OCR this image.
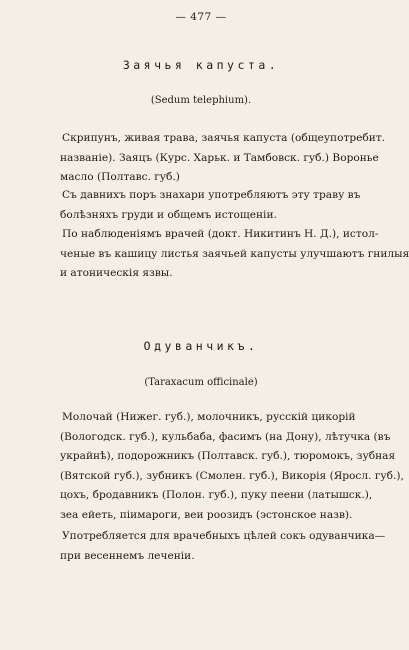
— 477 —
Заячья капуста.
(Sedum telephium).
Скрипунъ, живая трава, заячья капуста (общеупотребит.
названіе). Заяцъ (Курс. Харьк. и Тамбовск. губ.) Воронье
масло (Полтавс. губ.)
Съ давнихъ поръ знахари употребляютъ эту траву въ
болѣзняхъ груди и общемъ истощеніи.
По наблюденіямъ врачей (докт. Никитинъ Н. Д.), истол-
ченые въ кашицу листья заячьей капусты улучшаютъ гнилыя
и атоническія язвы.
Одуванчикъ.
(Taraxacum officinale)
Молочай (Нижег. губ.), молочникъ, русскій цикорій
(Вологодск. губ.), кульбаба, фасимъ (на Дону), лѣтучка (въ
украйнѣ), подорожникъ (Полтавск. губ.), тюромокъ, зубная
(Вятской губ.), зубникъ (Смолен. губ.), Викорія (Яросл. губ.),
цохъ, бродавникъ (Полон. губ.), пуку пеени (латышск.),
зеа ейеть, піимароги, веи роозидъ (эстонское назв).
Употребляется для врачебныхъ цѣлей сокъ одуванчика—
при весеннемъ леченіи.
